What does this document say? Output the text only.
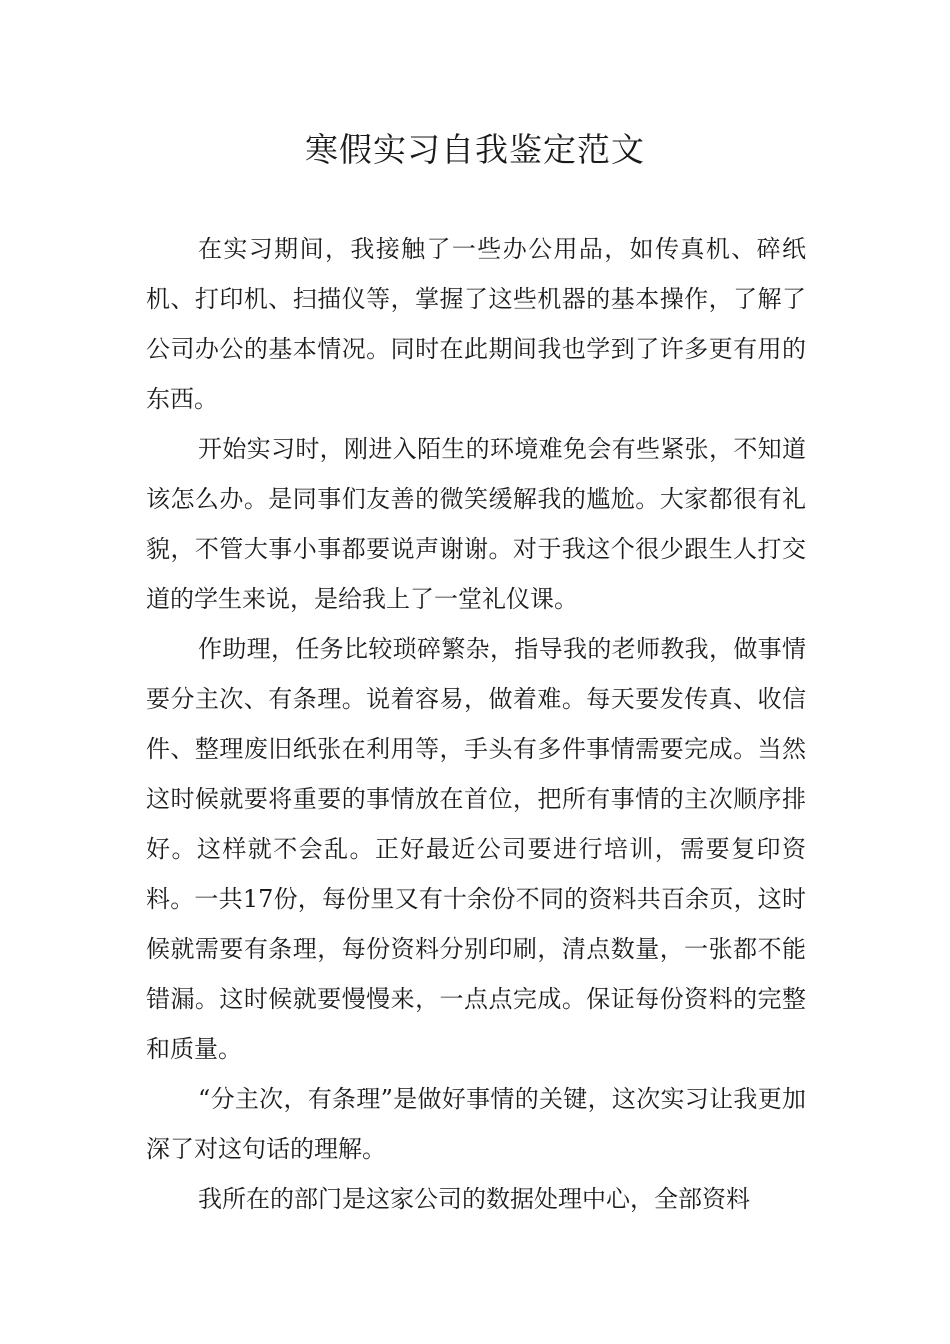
寒假实习自我鉴定范文

在实习期间，我接触了一些办公用品，如传真机、碎纸机、打印机、扫描仪等，掌握了这些机器的基本操作，了解了公司办公的基本情况。同时在此期间我也学到了许多更有用的东西。

开始实习时，刚进入陌生的环境难免会有些紧张，不知道该怎么办。是同事们友善的微笑缓解我的尴尬。大家都很有礼貌，不管大事小事都要说声谢谢。对于我这个很少跟生人打交道的学生来说，是给我上了一堂礼仪课。

作助理，任务比较琐碎繁杂，指导我的老师教我，做事情要分主次、有条理。说着容易，做着难。每天要发传真、收信件、整理废旧纸张在利用等，手头有多件事情需要完成。当然这时候就要将重要的事情放在首位，把所有事情的主次顺序排好。这样就不会乱。正好最近公司要进行培训，需要复印资料。一共17份，每份里又有十余份不同的资料共百余页，这时候就需要有条理，每份资料分别印刷，清点数量，一张都不能错漏。这时候就要慢慢来，一点点完成。保证每份资料的完整和质量。

“分主次，有条理”是做好事情的关键，这次实习让我更加深了对这句话的理解。

我所在的部门是这家公司的数据处理中心，全部资料
